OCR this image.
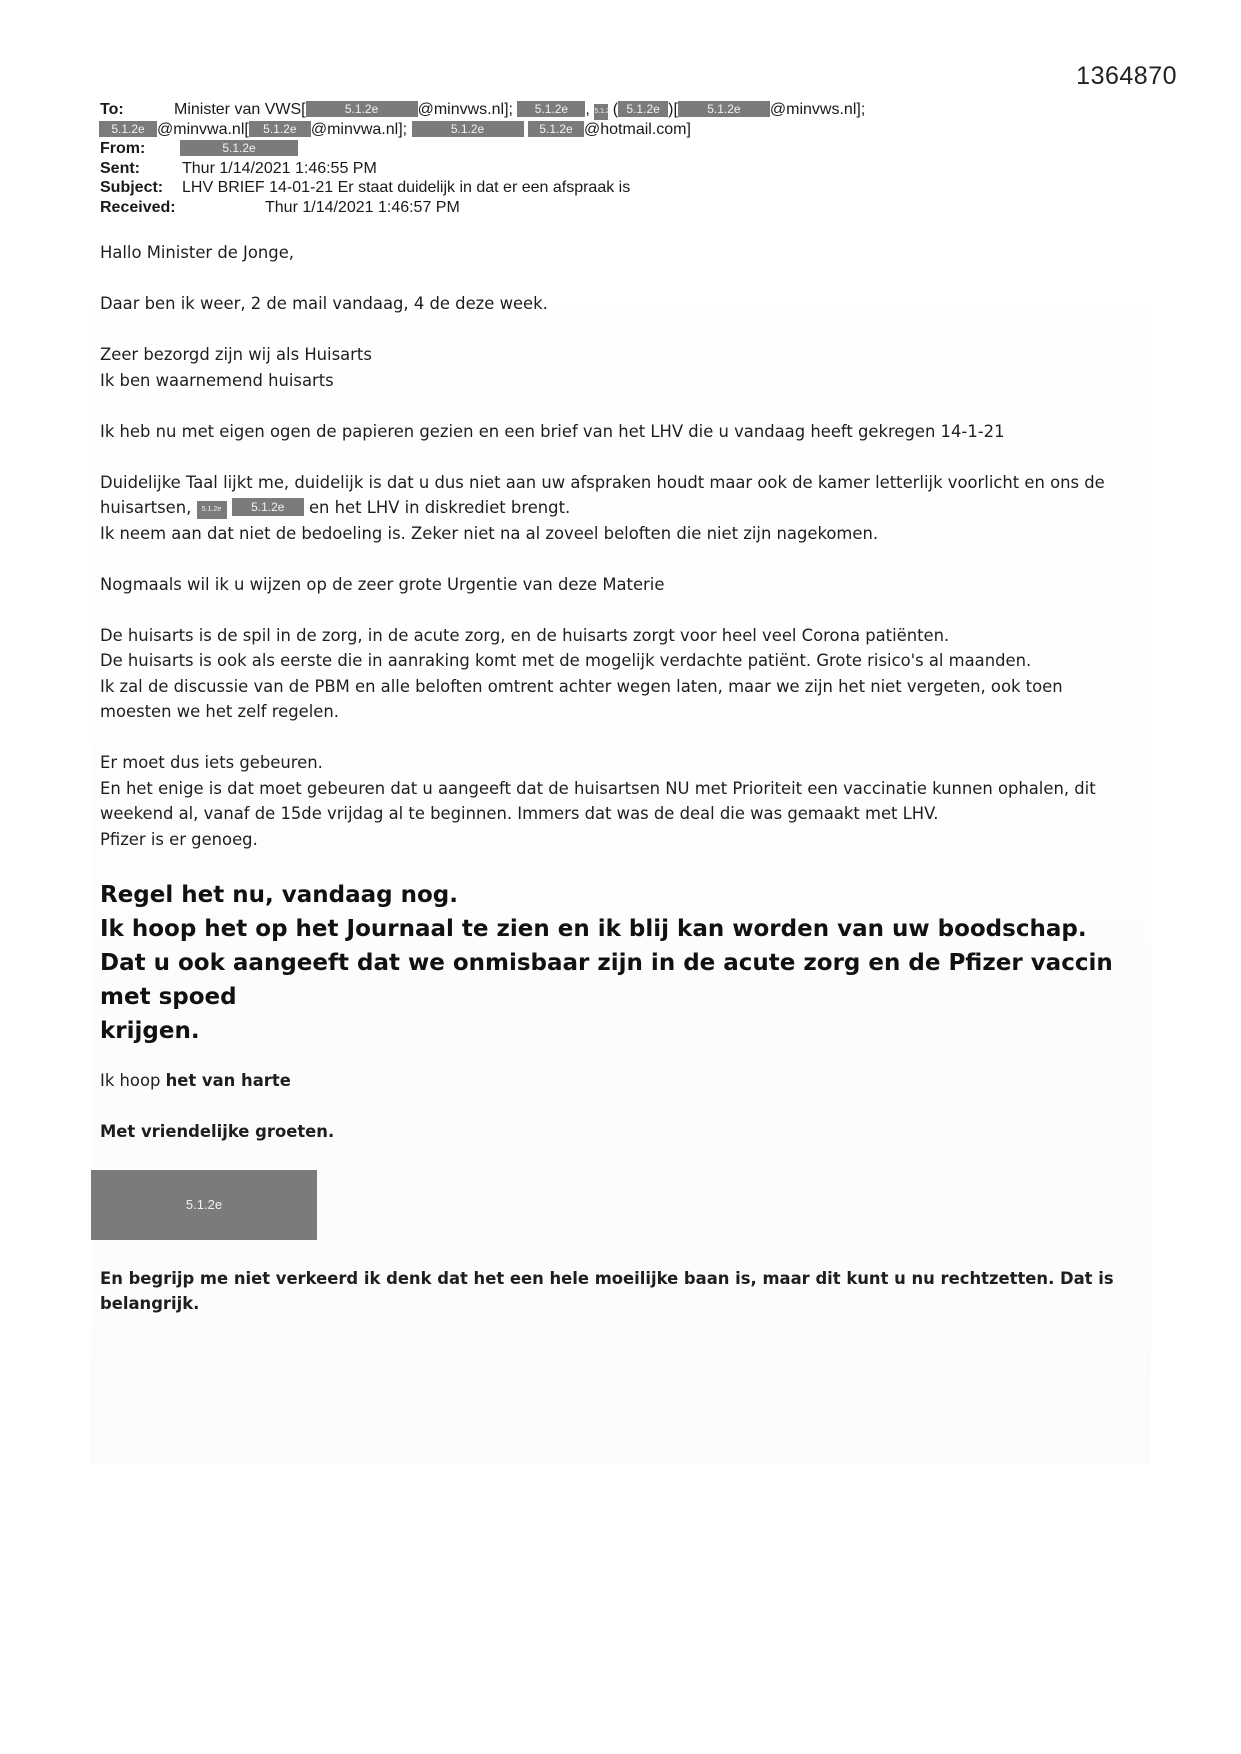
1364870
To:	Minister van VWS[	5.1.2e @minvws.nl]; 5.1.2e , 5.1.2e ( 5.1.2e )[ 5.1.2e @minvws.nl];
5.1.2e @minvwa.nl[ 5.1.2e @minvwa.nl];	5.1.2e	5.1.2e @hotmail.com]
From:	5.1.2e
Sent:	Thur 1/14/2021 1:46:55 PM
Subject: LHV BRIEF 14-01-21 Er staat duidelijk in dat er een afspraak is
Received:	Thur 1/14/2021 1:46:57 PM

Hallo Minister de Jonge,

Daar ben ik weer, 2 de mail vandaag, 4 de deze week.

Zeer bezorgd zijn wij als Huisarts
Ik ben waarnemend huisarts

Ik heb nu met eigen ogen de papieren gezien en een brief van het LHV die u vandaag heeft gekregen 14-1-21

Duidelijke Taal lijkt me, duidelijk is dat u dus niet aan uw afspraken houdt maar ook de kamer letterlijk voorlicht en ons de
huisartsen, 5.1.2e 5.1.2e en het LHV in diskrediet brengt.
Ik neem aan dat niet de bedoeling is. Zeker niet na al zoveel beloften die niet zijn nagekomen.

Nogmaals wil ik u wijzen op de zeer grote Urgentie van deze Materie

De huisarts is de spil in de zorg, in de acute zorg, en de huisarts zorgt voor heel veel Corona patiënten.
De huisarts is ook als eerste die in aanraking komt met de mogelijk verdachte patiënt. Grote risico's al maanden.
Ik zal de discussie van de PBM en alle beloften omtrent achter wegen laten, maar we zijn het niet vergeten, ook toen
moesten we het zelf regelen.

Er moet dus iets gebeuren.
En het enige is dat moet gebeuren dat u aangeeft dat de huisartsen NU met Prioriteit een vaccinatie kunnen ophalen, dit
weekend al, vanaf de 15de vrijdag al te beginnen. Immers dat was de deal die was gemaakt met LHV.
Pfizer is er genoeg.

Regel het nu, vandaag nog.
Ik hoop het op het Journaal te zien en ik blij kan worden van uw boodschap.
Dat u ook aangeeft dat we onmisbaar zijn in de acute zorg en de Pfizer vaccin met spoed
krijgen.

Ik hoop het van harte

Met vriendelijke groeten.

5.1.2e

En begrijp me niet verkeerd ik denk dat het een hele moeilijke baan is, maar dit kunt u nu rechtzetten. Dat is belangrijk.
